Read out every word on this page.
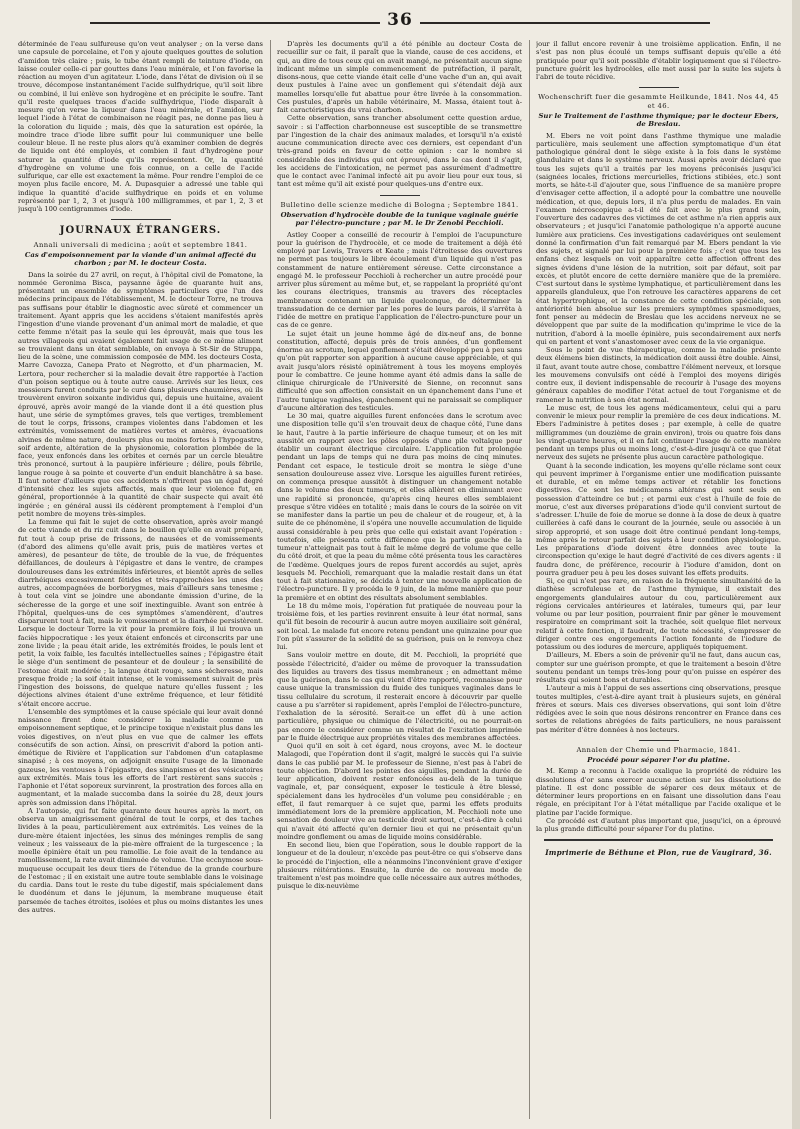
36

déterminée de l'eau sulfureuse qu'on veut analyser ; on la verse dans une capsule de porcelaine, et l'on y ajoute quelques gouttes de solution d'amidon très claire ; puis, le tube étant rempli de teinture d'iode, on laisse couler celle-ci par gouttes dans l'eau minérale, et l'on favorise la réaction au moyen d'un agitateur. L'iode, dans l'état de division où il se trouve, décompose instantanément l'acide sulfhydrique, qu'il soit libre ou combiné, il lui enlève son hydrogène et en précipite le soufre. Tant qu'il reste quelques traces d'acide sulfhydrique, l'iode disparaît à mesure qu'on verse la liqueur dans l'eau minérale, et l'amidon, sur lequel l'iode à l'état de combinaison ne réagit pas, ne donne pas lieu à la coloration du liquide ; mais, dès que la saturation est opérée, la moindre trace d'iode libre suffit pour lui communiquer une belle couleur bleue. Il ne reste plus alors qu'à examiner combien de degrés de liquide ont été employés, et combien il faut d'hydrogène pour saturer la quantité d'iode qu'ils représentent. Or, la quantité d'hydrogène en volume une fois connue, on a celle de l'acide sulfurique, car elle est exactement la même. Pour rendre l'emploi de ce moyen plus facile encore, M. A. Dupasquier a adressé une table qui indique la quantité d'acide sulfhydrique en poids et en volume représenté par 1, 2, 3 et jusqu'à 100 milligrammes, et par 1, 2, 3 et jusqu'à 100 centigrammes d'iode.

JOURNAUX ÉTRANGERS.
Annali universali di medicina ; août et septembre 1841.
Cas d'empoisonnement par la viande d'un animal affecté du charbon ; par M. le docteur Costa.

Dans la soirée du 27 avril, on reçut, à l'hôpital civil de Pomatone, la nommée Geronima Bisca, paysanne âgée de quarante huit ans, présentant un ensemble de symptômes particuliers que l'un des médecins principaux de l'établissement, M. le docteur Torre, ne trouva pas suffisans pour établir le diagnostic avec sûreté et commencer un traitement. Ayant appris que les accidens s'étaient manifestés après l'ingestion d'une viande provenant d'un animal mort de maladie, et que cette femme n'était pas la seule qui les éprouvât, mais que tous les autres villageois qui avaient également fait usage de ce même aliment se trouvaient dans un état semblable, on envoya à St-Sir de Struppa, lieu de la scène, une commission composée de MM. les docteurs Costa, Marre Cavozza, Canepa Prato et Negrotto, et d'un pharmacien, M. Lertora, pour rechercher si la maladie devait être rapportée à l'action d'un poison septique ou à toute autre cause. Arrivés sur les lieux, ces messieurs furent conduits par le curé dans plusieurs chaumières, où ils trouvèrent environ soixante individus qui, depuis une huitaine, avaient éprouvé, après avoir mangé de la viande dont il a été question plus haut, une série de symptômes graves, tels que vertiges, tremblement de tout le corps, frissons, crampes violentes dans l'abdomen et les extrémités, vomissement de matières vertes et amères, évacuations alvines de même nature, douleurs plus ou moins fortes à l'hypogastre, soif ardente, altération de la physionomie, coloration plombée de la face, yeux enfoncés dans les orbites et cernés par un cercle bleuâtre très prononcé, surtout à la paupière inférieure ; délire, pouls fébrile, langue rouge à sa pointe et couverte d'un enduit blanchâtre à sa base. Il faut noter d'ailleurs que ces accidents n'offrirent pas un égal degré d'intensité chez les sujets affectés, mais que leur violence fut, en général, proportionnée à la quantité de chair suspecte qui avait été ingérée ; en général aussi ils cédèrent promptement à l'emploi d'un petit nombre de moyens très-simples.

La femme qui fait le sujet de cette observation, après avoir mangé de cette viande et du riz cuit dans le bouillon qu'elle en avait préparé, fut tout à coup prise de frissons, de nausées et de vomissements (d'abord des alimens qu'elle avait pris, puis de matières vertes et amères), de pesanteur de tête, de trouble de la vue, de fréquentes défaillances, de douleurs à l'épigastre et dans le ventre, de crampes douloureuses dans les extrémités inférieures, et bientôt après de selles diarrhéiques excessivement fétides et très-rapprochées les unes des autres, accompagnées de borborygmes, mais d'ailleurs sans tenesme ; à tout cela vint se joindre une abondante émission d'urine, de la sécheresse de la gorge et une soif inextinguible. Avant son entrée à l'hôpital, quelques-uns de ces symptômes s'amendèrent, d'autres disparurent tout à fait, mais le vomissement et la diarrhée persistèrent. Lorsque le docteur Torre la vit pour la première fois, il lui trouva un faciès hippocratique : les yeux étaient enfoncés et circonscrits par une zone livide ; la peau était aride, les extrémités froides, le pouls lent et petit, la voix faible, les facultés intellectuelles saines ; l'épigastre était le siège d'un sentiment de pesanteur et de douleur ; la sensibilité de l'estomac était modérée ; la langue était rouge, sans sécheresse, mais presque froide ; la soif était intense, et le vomissement suivait de près l'ingestion des boissons, de quelque nature qu'elles fussent ; les déjections alvines étaient d'une extrême fréquence, et leur fétidité s'était encore accrue.

L'ensemble des symptômes et la cause spéciale qui leur avait donné naissance firent donc considérer la maladie comme un empoisonnement septique, et le principe toxique n'existait plus dans les voies digestives, on n'eut plus en vue que de calmer les effets consécutifs de son action. Ainsi, on prescrivit d'abord la potion anti-émétique de Rivière et l'application sur l'abdomen d'un cataplasme sinapisé ; à ces moyens, on adjoignit ensuite l'usage de la limonade gazeuse, les ventouses à l'épigastre, des sinapismes et des vésicatoires aux extrémités. Mais tous les efforts de l'art restèrent sans succès ; l'aphonie et l'état soporeux survinrent, la prostration des forces alla en augmentant, et la malade succomba dans la soirée du 28, deux jours après son admission dans l'hôpital.

A l'autopsie, qui fut faite quarante deux heures après la mort, on observa un amaigrissement général de tout le corps, et des taches livides à la peau, particulièrement aux extrémités. Les veines de la dure-mère étaient injectées, les sinus des méninges remplis de sang veineux ; les vaisseaux de la pie-mère offraient de la turgescence ; la moelle épinière était un peu ramollie. Le foie avait de la tendance au ramollissement, la rate avait diminuée de volume. Une ecchymose sous-muqueuse occupait les deux tiers de l'étendue de la grande courbure de l'estomac ; il en existait une autre toute semblable dans le voisinage du cardia. Dans tout le reste du tube digestif, mais spécialement dans le duodénum et dans le jéjunum, la membrane muqueuse était parsemée de taches étroites, isolées et plus ou moins distantes les unes des autres.

D'après les documents qu'il a été pénible au docteur Costa de recueillir sur ce fait, il paraît que la viande, cause de ces accidens, et qui, au dire de tous ceux qui en avait mangé, ne présentait aucun signe indicant même un simple commencement de putréfaction, il paraît, disons-nous, que cette viande était celle d'une vache d'un an, qui avait deux pustules à l'aine avec un gonflement qui s'étendait déjà aux mamelles lorsqu'elle fut abattue pour être livrée à la consommation. Ces pustules, d'après un habile vétérinaire, M. Massa, étaient tout à-fait caractéristiques du vrai charbon.

Cette observation, sans trancher absolument cette question ardue, savoir : si l'affection charbonneuse est susceptible de se transmettre par l'ingestion de la chair des animaux malades, et lorsqu'il n'a existé aucune communication directe avec ces derniers, est cependant d'un très-grand poids en faveur de cette opinion : car le nombre si considérable des individus qui ont éprouvé, dans le cas dont il s'agit, les accidens de l'intoxication, ne permet pas assurément d'admettre que le contact avec l'animal infecté ait pu avoir lieu pour eux tous, si tant est même qu'il ait existé pour quelques-uns d'entre eux.

Bulletino delle scienze mediche di Bologna ; Septembre 1841.
Observation d'hydrocèle double de la tunique vaginale guérie par l'électro-puncture ; par M. le Dr Zenobi Pecchioli.

Astley Cooper a conseillé de recourir à l'emploi de l'acupuncture pour la guérison de l'hydrocèle, et ce mode de traitement a déjà été employé par Lewis, Travers et Keate ; mais l'étroitesse des ouvertures ne permet pas toujours le libre écoulement d'un liquide qui n'est pas constamment de nature entièrement séreuse. Cette circonstance a engagé M. le professeur Pecchioli à rechercher un autre procédé pour arriver plus sûrement au même but, et, se rappelant la propriété qu'ont les courans électriques, transmis au travers des réceptacles membraneux contenant un liquide quelconque, de déterminer la transsudation de ce dernier par les pores de leurs parois, il s'arrêta à l'idée de mettre en pratique l'application de l'électro-puncture pour un cas de ce genre.

Le sujet était un jeune homme âgé de dix-neuf ans, de bonne constitution, affecté, depuis près de trois années, d'un gonflement énorme au scrotum, lequel gonflement s'était développé peu à peu sans qu'on pût rapporter son apparition à aucune cause appréciable, et qui avait jusqu'alors résisté opiniâtrement à tous les moyens employés pour le combattre. Ce jeune homme ayant été admis dans la salle de clinique chirurgicale de l'Université de Sienne, on reconnut sans difficulté que son affection consistait en un épanchement dans l'une et l'autre tunique vaginales, épanchement qui ne paraissait se compliquer d'aucune altération des testicules.

Le 30 mai, quatre aiguilles furent enfoncées dans le scrotum avec une disposition telle qu'il s'en trouvait deux de chaque côté, l'une dans le haut, l'autre à la partie inférieure de chaque tumeur, et on les mit aussitôt en rapport avec les pôles opposés d'une pile voltaïque pour établir un courant électrique circulaire. L'application fut prolongée pendant un laps de temps qui ne dura pas moins de cinq minutes. Pendant cet espace, le testicule droit se montra le siège d'une sensation douloureuse assez vive. Lorsque les aiguilles furent retirées, on commença presque aussitôt à distinguer un changement notable dans le volume des deux tumeurs, et elles allèrent en diminuant avec une rapidité si prononcée, qu'après cinq heures elles semblaient presque s'être vidées en totalité ; mais dans le cours de la soirée on vit se manifester dans la partie un peu de chaleur et de rougeur, et, à la suite de ce phénomène, il s'opéra une nouvelle accumulation de liquide aussi considérable à peu près que celle qui existait avant l'opération : toutefois, elle présenta cette différence que la partie gauche de la tumeur n'atteignait pas tout à fait le même degré de volume que celle du côté droit, et que la peau du même côté présenta tous les caractères de l'œdème. Quelques jours de repos furent accordés au sujet, après lesquels M. Pecchioli, remarquant que la maladie restait dans un état tout à fait stationnaire, se décida à tenter une nouvelle application de l'électro-puncture. Il y procéda le 9 juin, de la même manière que pour la première et en obtint des résultats absolument semblables.

Le 18 du même mois, l'opération fut pratiquée de nouveau pour la troisième fois, et les parties revinrent ensuite à leur état normal, sans qu'il fût besoin de recourir à aucun autre moyen auxiliaire soit général, soit local. Le malade fut encore retenu pendant une quinzaine pour que l'on pût s'assurer de la solidité de sa guérison, puis on le renvoya chez lui.

Sans vouloir mettre en doute, dit M. Pecchioli, la propriété que possède l'électricité, d'aider ou même de provoquer la transsudation des liquides au travers des tissus membraneux ; en admettant même que la guérison, dans le cas qui vient d'être rapporté, reconnaisse pour cause unique la transmission du fluide des tuniques vaginales dans le tissu cellulaire du scrotum, il resterait encore à découvrir par quelle cause a pu s'arrêter si rapidement, après l'emploi de l'électro-puncture, l'exhalation de la sérosité. Serait-ce un effet dû à une action particulière, physique ou chimique de l'électricité, ou ne pourrait-on pas encore le considérer comme un résultat de l'excitation imprimée par le fluide électrique aux propriétés vitales des membranes affectées.

Quoi qu'il en soit à cet égard, nous croyons, avec M. le docteur Malagodi, que l'opération dont il s'agit, malgré le succès qui l'a suivie dans le cas publié par M. le professeur de Sienne, n'est pas à l'abri de toute objection. D'abord les pointes des aiguilles, pendant la durée de leur application, doivent rester enfoncées au-delà de la tunique vaginale, et, par conséquent, exposer le testicule à être blessé, spécialement dans les hydrocèles d'un volume peu considérable ; en effet, il faut remarquer à ce sujet que, parmi les effets produits immédiatement lors de la première application, M. Pecchioli note une sensation de douleur vive au testicule droit surtout, c'est-à-dire à celui qui n'avait été affecté qu'en dernier lieu et qui ne présentait qu'un moindre gonflement ou amas de liquide moins considérable.

En second lieu, bien que l'opération, sous le double rapport de la longueur et de la douleur, n'excède pas peut-être ce qui s'observe dans le procédé de l'injection, elle a néanmoins l'inconvénient grave d'exiger plusieurs réitérations. Ensuite, la durée de ce nouveau mode de traitement n'est pas moindre que celle nécessaire aux autres méthodes, puisque le dix-neuvième

jour il fallut encore revenir à une troisième application. Enfin, il ne s'est pas non plus écoulé un temps suffisant depuis qu'elle a été pratiquée pour qu'il soit possible d'établir logiquement que si l'électro-puncture guérit les hydrocèles, elle met aussi par la suite les sujets à l'abri de toute récidive.

Wochenschrift fuer die gesammte Heilkunde, 1841. Nos 44, 45 et 46.
Sur le Traitement de l'asthme thymique; par le docteur Ebers, de Breslau.

M. Ebers ne voit point dans l'asthme thymique une maladie particulière, mais seulement une affection symptomatique d'un état pathologique général dont le siège existe à la fois dans le système glandulaire et dans le système nerveux. Aussi après avoir déclaré que tous les sujets qu'il a traités par les moyens préconisés jusqu'ici (saignées locales, frictions mercurielles, frictions stibiées, etc.) sont morts, se hâte-t-il d'ajouter que, sous l'influence de sa manière propre d'envisager cette affection, il a adopté pour la combattre une nouvelle médication, et que, depuis lors, il n'a plus perdu de malades. En vain l'examen nécroscopique a-t-il été fait avec le plus grand soin, l'ouverture des cadavres des victimes de cet asthme n'a rien appris aux observateurs ; et jusqu'ici l'anatomie pathologique n'a apporté aucune lumière aux praticiens. Ces investigations cadavériques ont seulement donné la confirmation d'un fait remarqué par M. Ebers pendant la vie des sujets, et signalé par lui pour la première fois ; c'est que tous les enfans chez lesquels on voit apparaître cette affection offrent des signes évidens d'une lésion de la nutrition, soit par défaut, soit par excès, et plutôt encore de cette dernière manière que de la première. C'est surtout dans le système lymphatique, et particulièrement dans les appareils glanduleux, que l'on retrouve les caractères apparens de cet état hypertrophique, et la constance de cette condition spéciale, son antériorité bien absolue sur les premiers symptômes spasmodiques, font penser au médecin de Breslau que les accidens nerveux ne se développent que par suite de la modification qu'imprime le vice de la nutrition, d'abord à la moelle épinière, puis secondairement aux nerfs qui en partent et vont s'anastomoser avec ceux de la vie organique.

Sous le point de vue thérapeutique, comme la maladie présente deux élémens bien distincts, la médication doit aussi être double. Ainsi, il faut, avant toute autre chose, combattre l'élément nerveux, et lorsque les mouvemens convulsifs ont cédé à l'emploi des moyens dirigés contre eux, il devient indispensable de recourir à l'usage des moyens généraux capables de modifier l'état actuel de tout l'organisme et de ramener la nutrition à son état normal.

Le musc est, de tous les agens médicamenteux, celui qui a paru convenir le mieux pour remplir la première de ces deux indications. M. Ebers l'administre à petites doses ; par exemple, à celle de quatre milligrammes (un douzième de grain environ), trois ou quatre fois dans les vingt-quatre heures, et il en fait continuer l'usage de cette manière pendant un temps plus ou moins long, c'est-à-dire jusqu'à ce que l'état nerveux des sujets ne présente plus aucun caractère pathologique.

Quant à la seconde indication, les moyens qu'elle réclame sont ceux qui peuvent imprimer à l'organisme entier une modification puissante et durable, et en même temps activer et rétablir les fonctions digestives. Ce sont les médicamens altérans qui sont seuls en possession d'atteindre ce but ; et parmi eux c'est à l'huile de foie de morue, c'est aux diverses préparations d'iode qu'il convient surtout de s'adresser. L'huile de foie de morue se donne à la dose de deux à quatre cuillerées à café dans le courant de la journée, seule ou associée à un sirop approprié, et son usage doit être continué pendant long-temps, même après le retour parfait des sujets à leur condition physiologique. Les préparations d'iode doivent être données avec toute la circonspection qu'exige le haut degré d'activité de ces divers agents : il faudra donc, de préférence, recourir à l'iodure d'amidon, dont on pourra graduer peu à peu les doses suivant les effets produits.

Si, ce qui n'est pas rare, en raison de la fréquente simultanéité de la diathèse scrofuleuse et de l'asthme thymique, il existait des engorgements glandulaires autour du cou, particulièrement aux régions cervicales antérieures et latérales, tumeurs qui, par leur volume ou par leur position, pourraient finir par gêner le mouvement respiratoire en comprimant soit la trachée, soit quelque filet nerveux relatif à cette fonction, il faudrait, de toute nécessité, s'empresser de diriger contre ces engorgements l'action fondante de l'iodure de potassium ou des iodures de mercure, appliqués topiquement.

D'ailleurs, M. Ebers a soin de prévenir qu'il ne faut, dans aucun cas, compter sur une guérison prompte, et que le traitement a besoin d'être soutenu pendant un temps très-long pour qu'on puisse en espérer des résultats qui soient bons et durables.

L'auteur a mis à l'appui de ses assertions cinq observations, presque toutes multiples, c'est-à-dire ayant trait à plusieurs sujets, en général frères et sœurs. Mais ces diverses observations, qui sont loin d'être rédigées avec le soin que nous désirons rencontrer en France dans ces sortes de relations abrégées de faits particuliers, ne nous paraissent pas mériter d'être données à nos lecteurs.

Annalen der Chemie und Pharmacie, 1841.
Procédé pour séparer l'or du platine.

M. Kemp a reconnu à l'acide oxalique la propriété de réduire les dissolutions d'or sans exercer aucune action sur les dissolutions de platine. Il est donc possible de séparer ces deux métaux et de déterminer leurs proportions en en faisant une dissolution dans l'eau régale, en précipitant l'or à l'état métallique par l'acide oxalique et le platine par l'acide formique.

Ce procédé est d'autant plus important que, jusqu'ici, on a éprouvé la plus grande difficulté pour séparer l'or du platine.

Imprimerie de Béthune et Plon, rue de Vaugirard, 36.
